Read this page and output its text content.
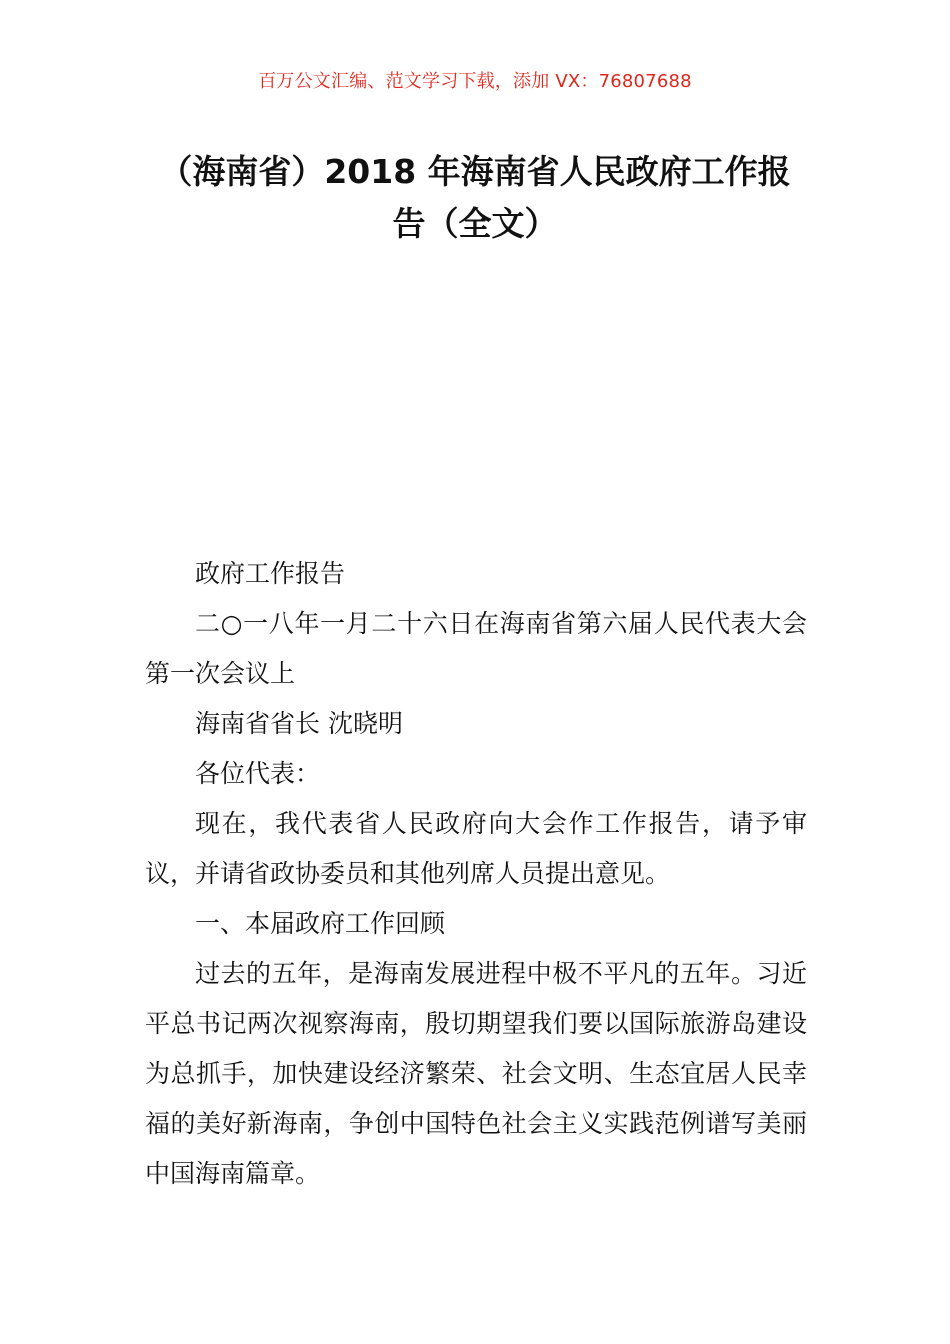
百万公文汇编、范文学习下载，添加 VX：76807688
（海南省）2018 年海南省人民政府工作报
告（全文）

政府工作报告

二○一八年一月二十六日在海南省第六届人民代表大会第一次会议上

海南省省长 沈晓明

各位代表：

现在，我代表省人民政府向大会作工作报告，请予审议，并请省政协委员和其他列席人员提出意见。

一、本届政府工作回顾

过去的五年，是海南发展进程中极不平凡的五年。习近平总书记两次视察海南，殷切期望我们要以国际旅游岛建设为总抓手，加快建设经济繁荣、社会文明、生态宜居人民幸福的美好新海南，争创中国特色社会主义实践范例谱写美丽中国海南篇章。
